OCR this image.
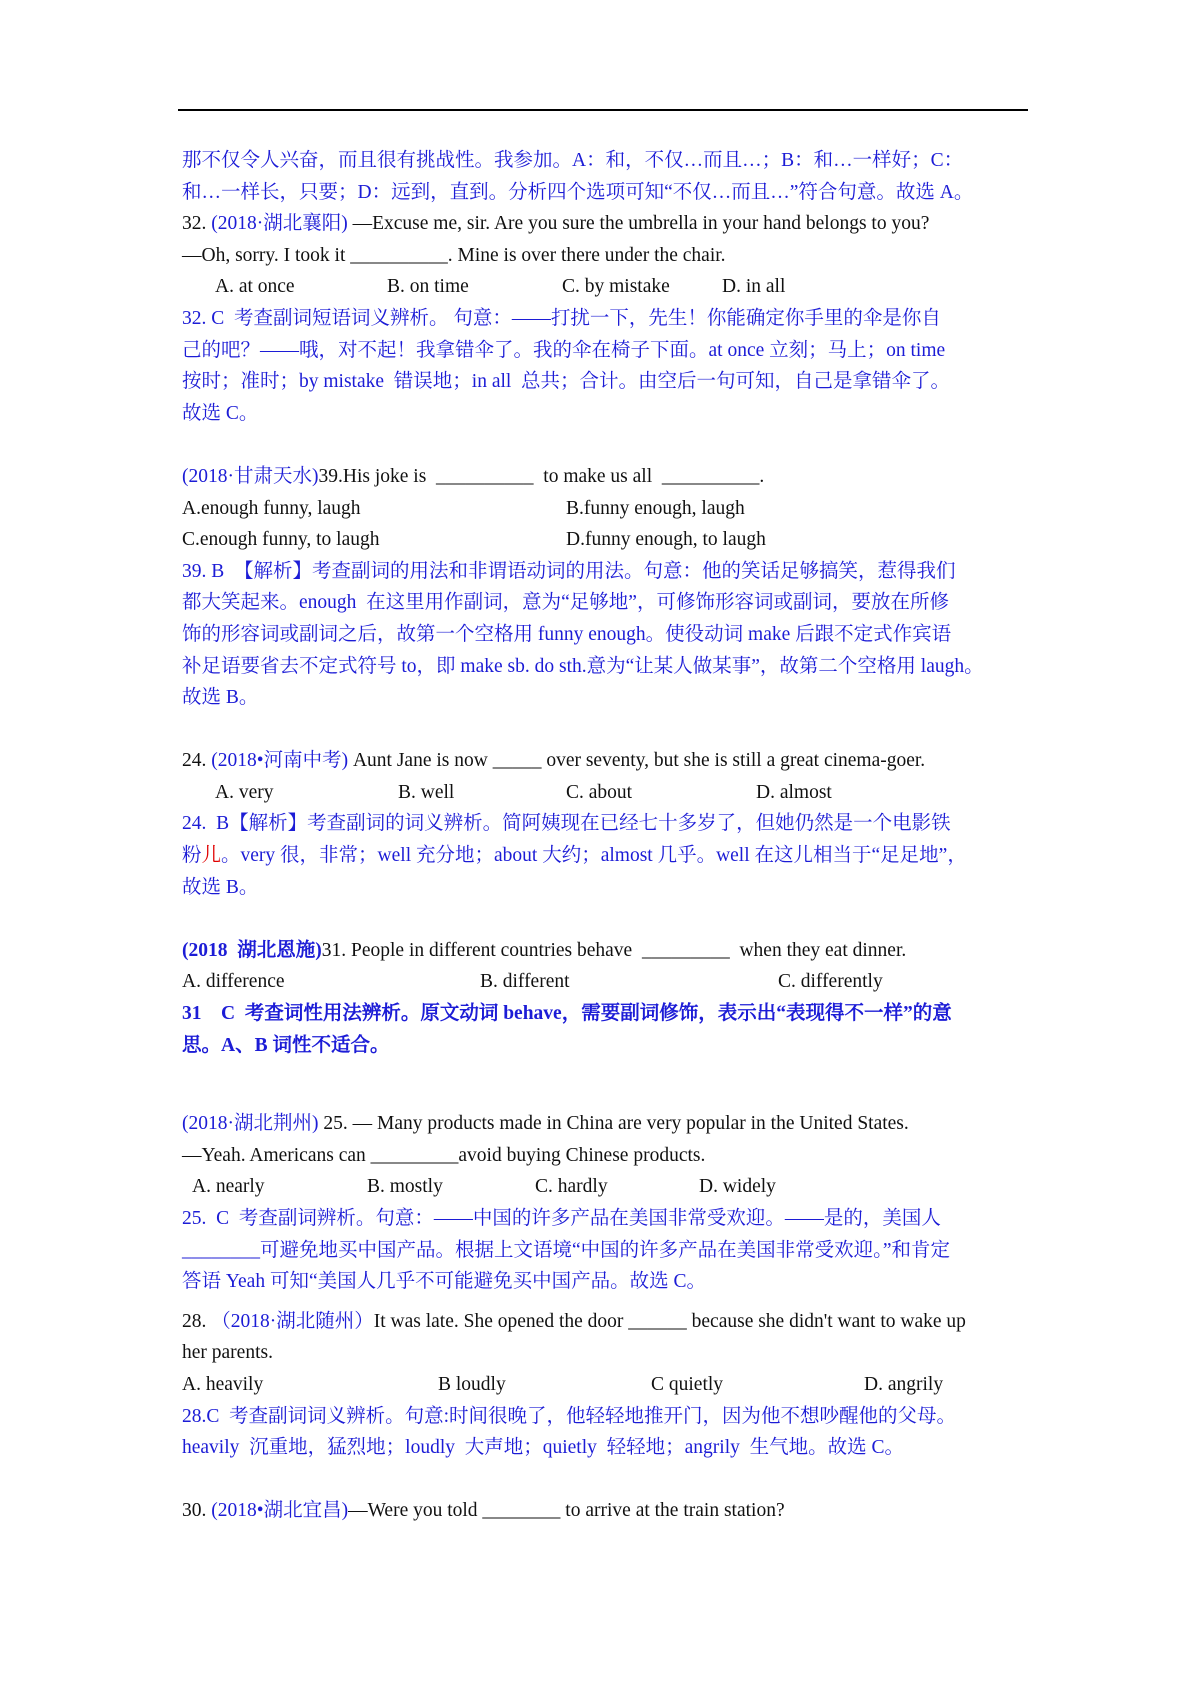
那不仅令人兴奋，而且很有挑战性。我参加。A：和，不仅…而且…；B：和…一样好；C：
和…一样长，只要；D：远到，直到。分析四个选项可知“不仅…而且…”符合句意。故选 A。
32. (2018·湖北襄阳) —Excuse me, sir. Are you sure the umbrella in your hand belongs to you?
—Oh, sorry. I took it __________. Mine is over there under the chair.
A. at once	B. on time	C. by mistake	D. in all
32. C  考查副词短语词义辨析。 句意：——打扰一下，先生！你能确定你手里的伞是你自
己的吧？——哦，对不起！我拿错伞了。我的伞在椅子下面。at once 立刻；马上；on time
按时；准时；by mistake  错误地；in all  总共；合计。由空后一句可知，自己是拿错伞了。
故选 C。
(2018·甘肃天水)39.His joke is  __________  to make us all  __________.
A.enough funny, laugh	B.funny enough, laugh
C.enough funny, to laugh	D.funny enough, to laugh
39. B  【解析】考查副词的用法和非谓语动词的用法。句意：他的笑话足够搞笑，惹得我们
都大笑起来。enough  在这里用作副词，意为“足够地”，可修饰形容词或副词，要放在所修
饰的形容词或副词之后，故第一个空格用 funny enough。使役动词 make 后跟不定式作宾语
补足语要省去不定式符号 to，即 make sb. do sth.意为“让某人做某事”，故第二个空格用 laugh。
故选 B。
24. (2018•河南中考) Aunt Jane is now _____ over seventy, but she is still a great cinema-goer.
A. very	B. well	C. about	D. almost
24.  B【解析】考查副词的词义辨析。简阿姨现在已经七十多岁了，但她仍然是一个电影铁
粉儿。very 很，非常；well 充分地；about 大约；almost 几乎。well 在这儿相当于“足足地”，
故选 B。
(2018  湖北恩施)31. People in different countries behave  _________  when they eat dinner.
A. difference	B. different	C. differently
31    C  考查词性用法辨析。原文动词 behave，需要副词修饰，表示出“表现得不一样”的意
思。A、B 词性不适合。
(2018·湖北荆州) 25. — Many products made in China are very popular in the United States.
—Yeah. Americans can _________avoid buying Chinese products.
A. nearly	B. mostly	C. hardly	D. widely
25.  C  考查副词辨析。句意：——中国的许多产品在美国非常受欢迎。——是的，美国人
________可避免地买中国产品。根据上文语境“中国的许多产品在美国非常受欢迎。”和肯定
答语 Yeah 可知“美国人几乎不可能避免买中国产品。故选 C。
28. （2018·湖北随州）It was late. She opened the door ______ because she didn't want to wake up
her parents.
A. heavily	B loudly	C quietly	D. angrily
28.C  考查副词词义辨析。句意:时间很晚了，他轻轻地推开门，因为他不想吵醒他的父母。
heavily  沉重地，猛烈地；loudly  大声地；quietly  轻轻地；angrily  生气地。故选 C。
30. (2018•湖北宜昌)—Were you told ________ to arrive at the train station?
